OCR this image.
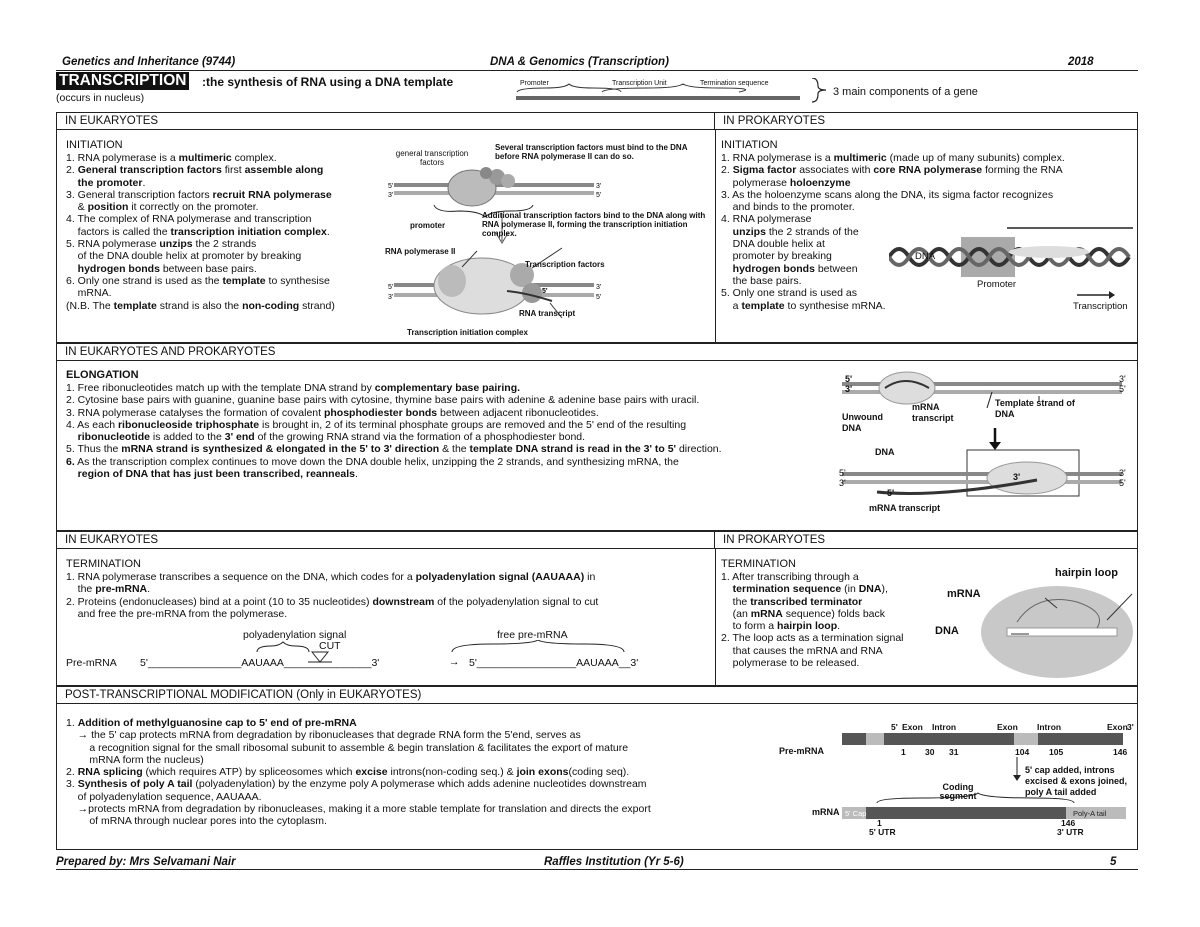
Genetics and Inheritance (9744)	DNA & Genomics (Transcription)	2018
TRANSCRIPTION :the synthesis of RNA using a DNA template
(occurs in nucleus)
Promoter	Transcription Unit	Termination sequence
3 main components of a gene
IN EUKARYOTES	IN PROKARYOTES

INITIATION

1. RNA polymerase is a multimeric complex.

2. General transcription factors first assemble along

the promoter.

3. General transcription factors recruit RNA polymerase

& position it correctly on the promoter.

4. The complex of RNA polymerase and transcription

factors is called the transcription initiation complex.

5. RNA polymerase unzips the 2 strands

of the DNA double helix at promoter by breaking

hydrogen bonds between base pairs.

6. Only one strand is used as the template to synthesise

mRNA.

(N.B. The template strand is also the non-coding strand)

5'
3'
3'
5'
5'
3'
3'
5'
5'
general transcription factors
Several transcription factors must bind to the DNA before RNA polymerase II can do so.
promoter
Additional transcription factors bind to the DNA along with RNA polymerase II, forming the transcription initiation complex.
RNA polymerase II
Transcription factors
RNA transcript
Transcription initiation complex

INITIATION

1. RNA polymerase is a multimeric (made up of many subunits) complex.

2. Sigma factor associates with core RNA polymerase forming the RNA

polymerase holoenzyme

3. As the holoenzyme scans along the DNA, its sigma factor recognizes

and binds to the promoter.

4. RNA polymerase

unzips the 2 strands of the

DNA double helix at

promoter by breaking

hydrogen bonds between

the base pairs.

5. Only one strand is used as

a template to synthesise mRNA.

DNA
Promoter
Transcription
IN EUKARYOTES AND PROKARYOTES

ELONGATION

1. Free ribonucleotides match up with the template DNA strand by complementary base pairing.

2. Cytosine base pairs with guanine, guanine base pairs with cytosine, thymine base pairs with adenine & adenine base pairs with uracil.

3. RNA polymerase catalyses the formation of covalent phosphodiester bonds between adjacent ribonucleotides.

4. As each ribonucleoside triphosphate is brought in, 2 of its terminal phosphate groups are removed and the 5' end of the resulting

ribonucleotide is added to the 3' end of the growing RNA strand via the formation of a phosphodiester bond.

5. Thus the mRNA strand is synthesized & elongated in the 5' to 3' direction & the template DNA strand is read in the 3' to 5' direction.

6. As the transcription complex continues to move down the DNA double helix, unzipping the 2 strands, and synthesizing mRNA, the

region of DNA that has just been transcribed, reanneals.

5'
3'
3'
5'
Unwound DNA
mRNA transcript
Template strand of DNA
DNA
5'
3'
3'
5'
3'
5'
mRNA transcript
IN EUKARYOTES	IN PROKARYOTES

TERMINATION

1. RNA polymerase transcribes a sequence on the DNA, which codes for a polyadenylation signal (AAUAAA) in

the pre-mRNA.

2. Proteins (endonucleases) bind at a point (10 to 35 nucleotides) downstream of the polyadenylation signal to cut

and free the pre-mRNA from the polymerase.

polyadenylation signal
CUT
free pre-mRNA
Pre-mRNA 5'________________AAUAAA_______________3'	→ 5'_________________AAUAAA__3'

TERMINATION

1. After transcribing through a

termination sequence (in DNA),

the transcribed terminator

(an mRNA sequence) folds back

to form a hairpin loop.

2. The loop acts as a termination signal

that causes the mRNA and RNA

polymerase to be released.

hairpin loop
mRNA
DNA
POST-TRANSCRIPTIONAL MODIFICATION (Only in EUKARYOTES)

1. Addition of methylguanosine cap to 5' end of pre-mRNA

→ the 5' cap protects mRNA from degradation by ribonucleases that degrade RNA form the 5'end, serves as

a recognition signal for the small ribosomal subunit to assemble & begin translation & facilitates the export of mature

mRNA form the nucleus)

2. RNA splicing (which requires ATP) by spliceosomes which excise introns(non-coding seq.) & join exons(coding seq).

3. Synthesis of poly A tail (polyadenylation) by the enzyme poly A polymerase which adds adenine nucleotides downstream

of polyadenylation sequence, AAUAAA.

→protects mRNA from degradation by ribonucleases, making it a more stable template for translation and directs the export

of mRNA through nuclear pores into the cytoplasm.

Pre-mRNA
5' Exon Intron	Exon Intron	Exon 3'
1 30 31	104 105	146
Coding segment
5' cap added, introns excised & exons joined, poly A tail added
mRNA 5' Cap	Poly-A tail
1	146
5' UTR	3' UTR
Prepared by: Mrs Selvamani Nair	Raffles Institution (Yr 5-6)	5
